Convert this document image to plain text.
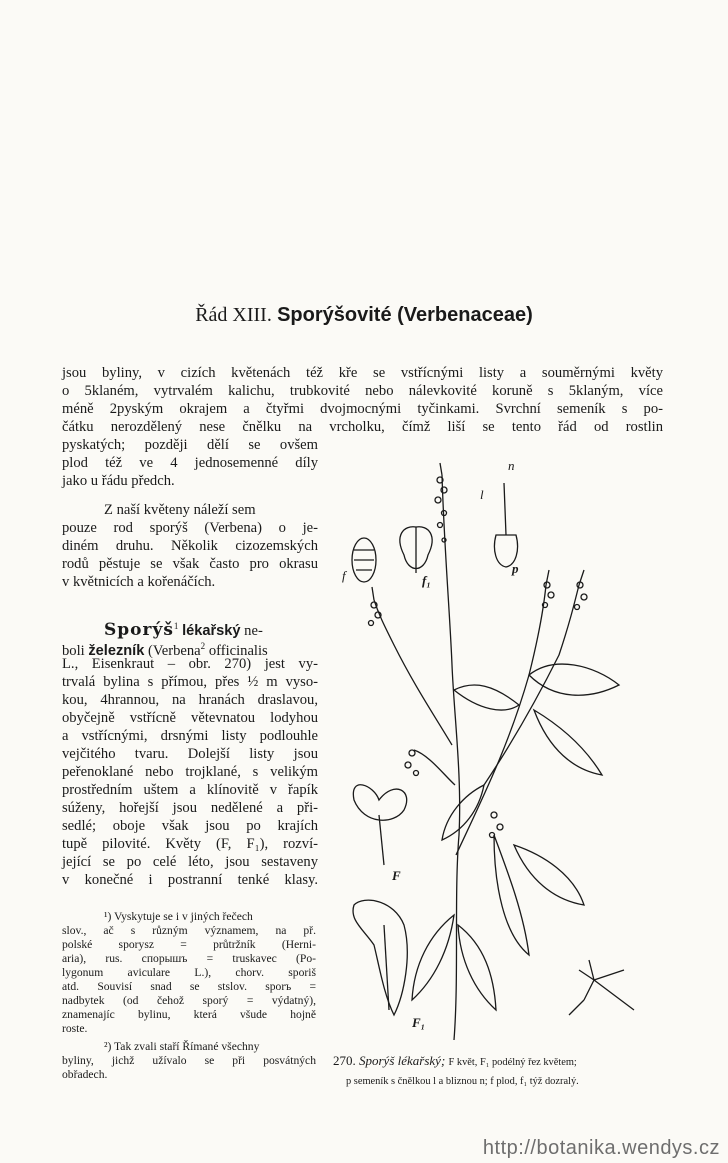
Řád XIII. Sporýšovité (Verbenaceae)
jsou byliny, v cizích květenách též kře se vstřícnými listy a souměrnými květy
o 5klaném, vytrvalém kalichu, trubkovité nebo nálevkovité koruně s 5klaným, více
méně 2pyským okrajem a čtyřmi dvojmocnými tyčinkami. Svrchní semeník s po-
čátku nerozdělený nese čnělku na vrcholku, čímž liší se tento řád od rostlin
pyskatých; později dělí se ovšem
plod též ve 4 jednosemenné díly
jako u řádu předch.
Z naší květeny náleží sem
pouze rod sporýš (Verbena) o je-
diném druhu. Několik cizozemských
rodů pěstuje se však často pro okrasu
v květnicích a kořenáčích.
Sporýš$^1$ lékařský ne-
boli železník (Verbena$^2$ officinalis
L., Eisenkraut – obr. 270) jest vy-
trvalá bylina s přímou, přes ½ m vyso-
kou, 4hrannou, na hranách draslavou,
obyčejně vstřícně větevnatou lodyhou
a vstřícnými, drsnými listy podlouhle
vejčitého tvaru. Dolejší listy jsou
peřenoklané nebo trojklané, s velikým
prostředním uštem a klínovitě v řapík
súženy, hořejší jsou nedělené a při-
sedlé; oboje však jsou po krajích
tupě pilovité. Květy (F, F₁), rozví-
jející se po celé léto, jsou sestaveny
v konečné i postranní tenké klasy.
¹) Vyskytuje se i v jiných řečech
slov., ač s různým významem, na př.
polské sporysz = průtržník (Herni-
aria), rus. спорышъ = truskavec (Po-
lygonum aviculare L.), chorv. sporiš
atd. Souvisí snad se stslov. sporъ =
nadbytek (od čehož sporý = výdatný),
znamenajíc bylinu, která všude hojně
roste.
²) Tak zvali staří Římané všechny
byliny, jichž užívalo se při posvátných
obřadech.
n
l
p
f	f₁
F
F₁
270. Sporýš lékařský; F květ, F₁ podélný řez květem;
p semeník s čnělkou l a bliznou n; f plod, f₁ týž dozralý.
http://botanika.wendys.cz
